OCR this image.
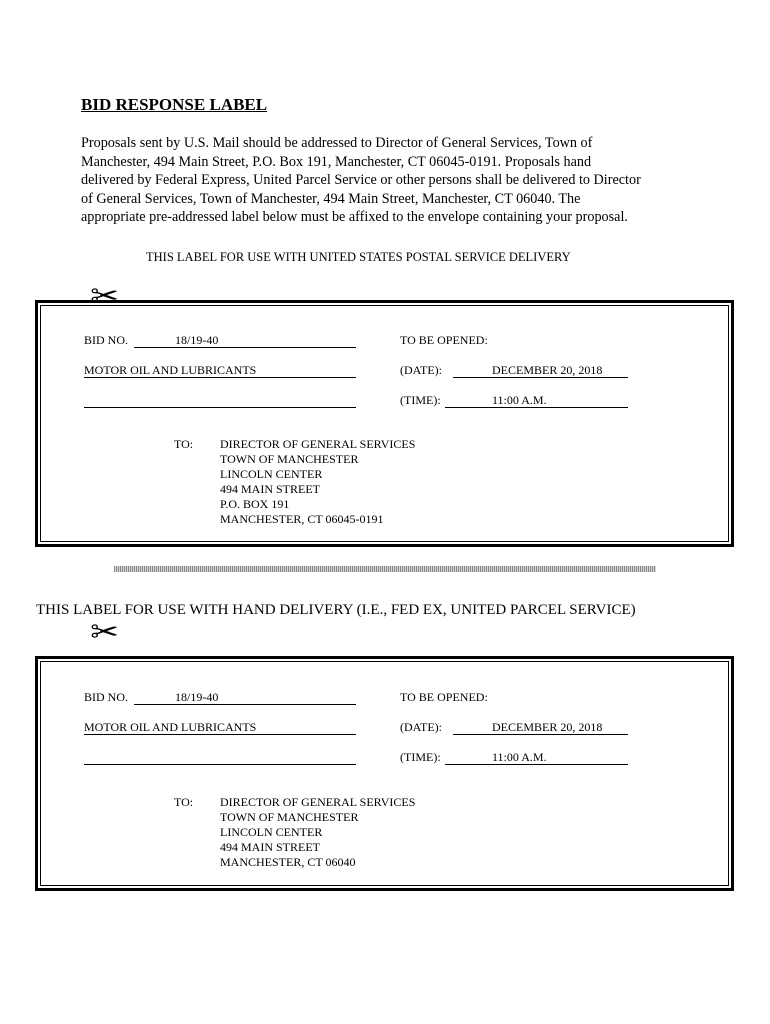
BID RESPONSE LABEL
Proposals sent by U.S. Mail should be addressed to Director of General Services, Town of
Manchester, 494 Main Street, P.O. Box 191, Manchester, CT 06045-0191. Proposals hand
delivered by Federal Express, United Parcel Service or other persons shall be delivered to Director
of General Services, Town of Manchester, 494 Main Street, Manchester, CT 06040. The
appropriate pre-addressed label below must be affixed to the envelope containing your proposal.
THIS LABEL FOR USE WITH UNITED STATES POSTAL SERVICE DELIVERY
✂
BID NO.	18/19-40
MOTOR OIL AND LUBRICANTS
TO BE OPENED:
(DATE):	DECEMBER 20, 2018
(TIME):	11:00 A.M.
TO: DIRECTOR OF GENERAL SERVICES
TOWN OF MANCHESTER
LINCOLN CENTER
494 MAIN STREET
P.O. BOX 191
MANCHESTER, CT 06045-0191
THIS LABEL FOR USE WITH HAND DELIVERY (I.E., FED EX, UNITED PARCEL SERVICE)
✂
BID NO.	18/19-40
MOTOR OIL AND LUBRICANTS
TO BE OPENED:
(DATE):	DECEMBER 20, 2018
(TIME):	11:00 A.M.
TO: DIRECTOR OF GENERAL SERVICES
TOWN OF MANCHESTER
LINCOLN CENTER
494 MAIN STREET
MANCHESTER, CT 06040
